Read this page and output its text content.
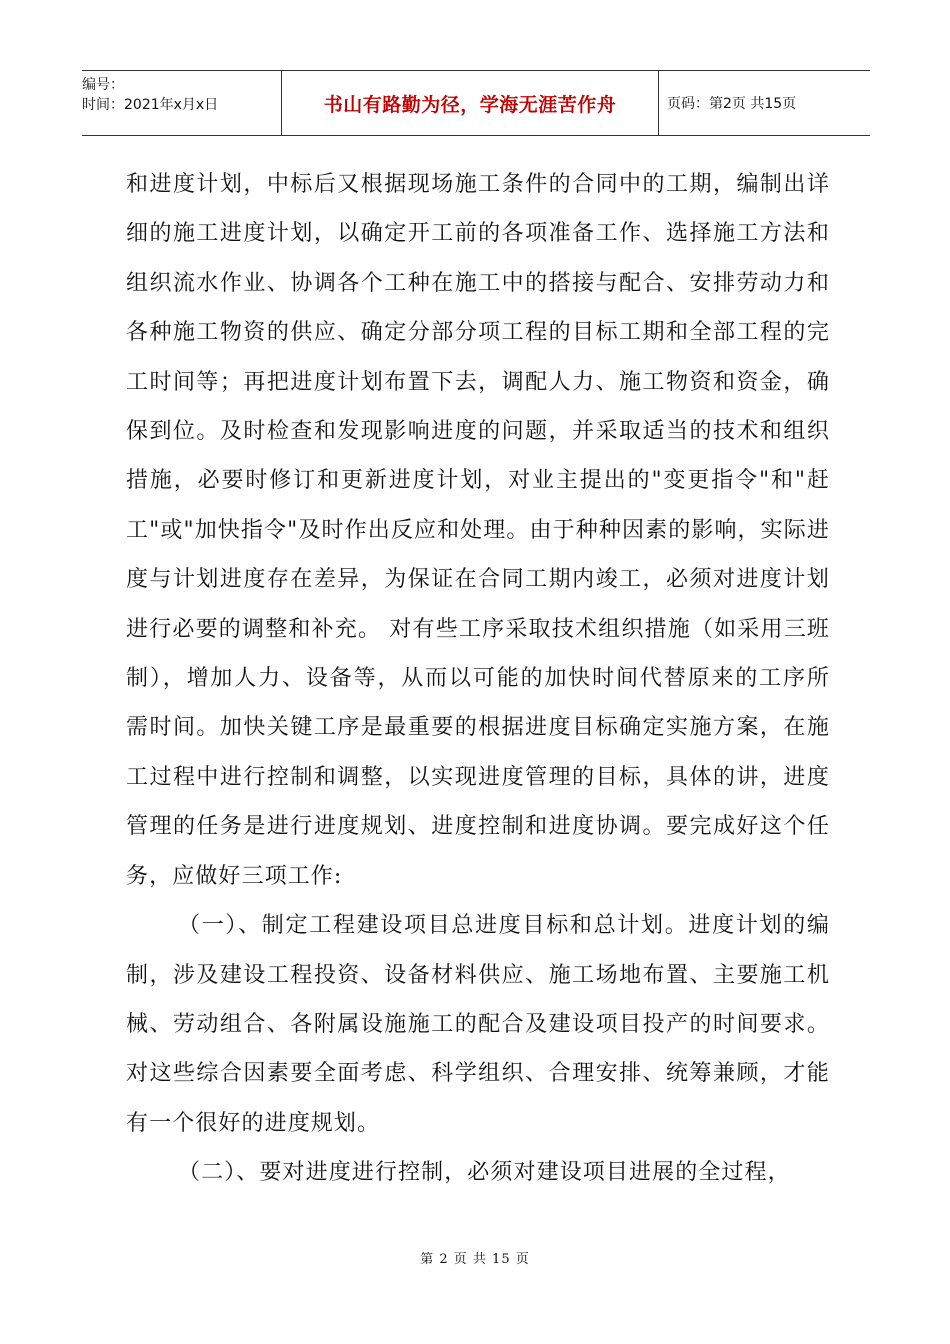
编号：
时间：2021年x月x日	书山有路勤为径，学海无涯苦作舟	页码：第2页 共15页

和进度计划，中标后又根据现场施工条件的合同中的工期，编制出详细的施工进度计划，以确定开工前的各项准备工作、选择施工方法和组织流水作业、协调各个工种在施工中的搭接与配合、安排劳动力和各种施工物资的供应、确定分部分项工程的目标工期和全部工程的完工时间等；再把进度计划布置下去，调配人力、施工物资和资金，确保到位。及时检查和发现影响进度的问题，并采取适当的技术和组织措施，必要时修订和更新进度计划，对业主提出的"变更指令"和"赶工"或"加快指令"及时作出反应和处理。由于种种因素的影响，实际进度与计划进度存在差异，为保证在合同工期内竣工，必须对进度计划进行必要的调整和补充。 对有些工序采取技术组织措施（如采用三班制），增加人力、设备等，从而以可能的加快时间代替原来的工序所需时间。加快关键工序是最重要的根据进度目标确定实施方案，在施工过程中进行控制和调整，以实现进度管理的目标，具体的讲，进度管理的任务是进行进度规划、进度控制和进度协调。要完成好这个任务，应做好三项工作:

（一）、制定工程建设项目总进度目标和总计划。进度计划的编制，涉及建设工程投资、设备材料供应、施工场地布置、主要施工机械、劳动组合、各附属设施施工的配合及建设项目投产的时间要求。对这些综合因素要全面考虑、科学组织、合理安排、统筹兼顾，才能有一个很好的进度规划。

（二）、要对进度进行控制，必须对建设项目进展的全过程，

第 2 页 共 15 页
